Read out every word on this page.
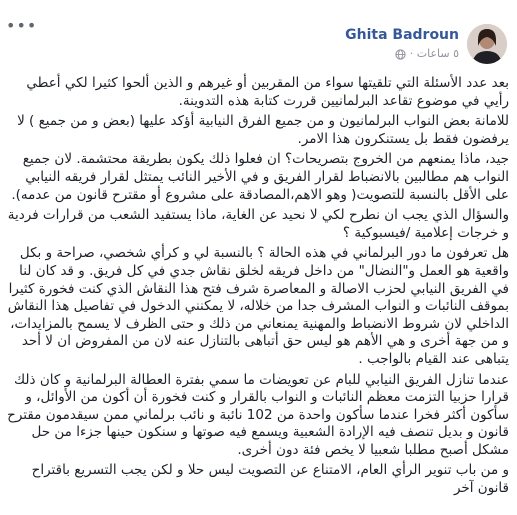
•••	Ghita Badroun
٥ ساعات ·

بعد عدد الأسئلة التي تلقيتها سواء من المقربين أو غيرهم و الذين ألحوا كثيرا لكي أعطي رأيي في موضوع تقاعد البرلمانيين قررت كتابة هذه التدوينة.

للامانة بعض النواب البرلمانيون و من جميع الفرق النيابية أؤكد عليها (بعض و من جميع ) لا يرفضون فقط بل يستنكرون هذا الامر.

جيد، ماذا يمنعهم من الخروج بتصريحات؟ ان فعلوا ذلك يكون بطريقة محتشمة. لان جميع النواب هم مطالبين بالانضباط لقرار الفريق و في الأخير النائب يمتثل لقرار فريقه النيابي على الأقل بالنسبة للتصويت( وهو الاهم،المصادقة على مشروع أو مقترح قانون من عدمه).

والسؤال الذي يجب ان نطرح لكي لا نحيد عن الغاية، ماذا يستفيد الشعب من قرارات فردية و خرجات إعلامية /فيسبوكية ؟

هل تعرفون ما دور البرلماني في هذه الحالة ؟ بالنسبة لي و كرأي شخصي، صراحة و بكل واقعية هو العمل و"النضال" من داخل فريقه لخلق نقاش جدي في كل فريق. و قد كان لنا في الفريق النيابي لحزب الاصالة و المعاصرة شرف فتح هذا النقاش الذي كنت فخورة كثيرا بموقف النائبات و النواب المشرف جدا من خلاله، لا يمكنني الدخول في تفاصيل هذا النقاش الداخلي لان شروط الانضباط والمهنية يمنعاني من ذلك و حتى الظرف لا يسمح بالمزايدات، و من جهة أخرى و هي الأهم هو ليس حق أتباهى بالتنازل عنه لان من المفروض ان لا أحد يتباهى عند القيام بالواجب .

عندما تنازل الفريق النيابي للبام عن تعويضات ما سمي بفترة العطالة البرلمانية و كان ذلك قرارا حزبيا التزمت معظم النائبات و النواب بالقرار و كنت فخورة أن أكون من الأوائل، و سأكون أكثر فخرا عندما سأكون واحدة من 102 نائبة و نائب برلماني ممن سيقدمون مقترح قانون و بديل تنصف فيه الإرادة الشعبية ويسمع فيه صوتها و سنكون حينها جزءا من حل مشكل أصبح مطلبا شعبيا لا يخص فئة دون أخرى.

و من باب تنوير الرأي العام، الامتناع عن التصويت ليس حلا و لكن يجب التسريع باقتراح قانون آخر
